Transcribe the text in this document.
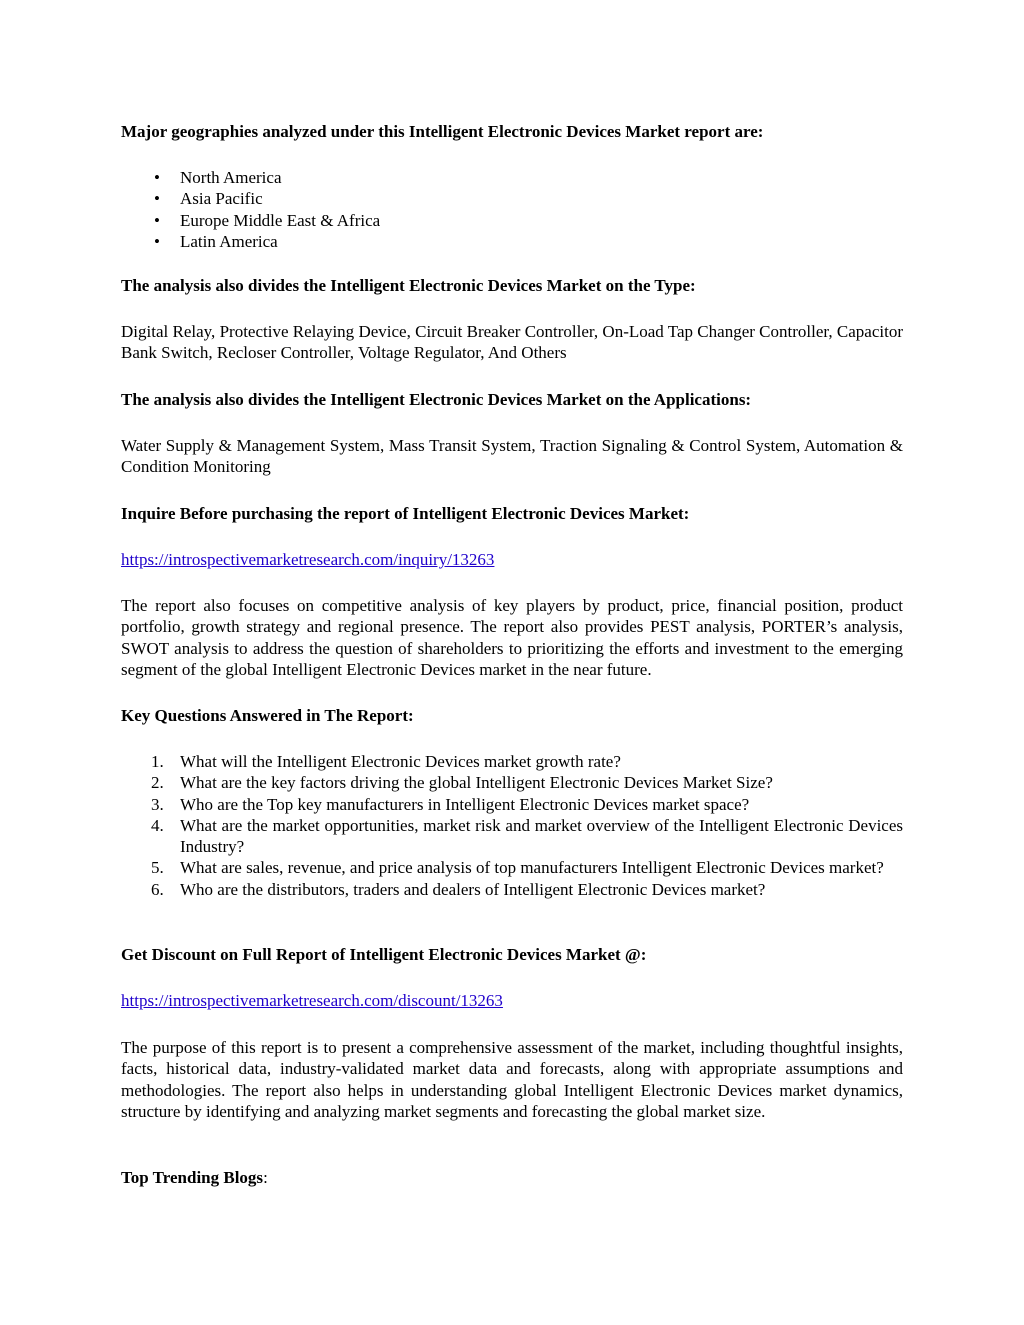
Major geographies analyzed under this Intelligent Electronic Devices Market report are:

• North America
• Asia Pacific
• Europe Middle East & Africa
• Latin America

The analysis also divides the Intelligent Electronic Devices Market on the Type:

Digital Relay, Protective Relaying Device, Circuit Breaker Controller, On-Load Tap Changer Controller, Capacitor Bank Switch, Recloser Controller, Voltage Regulator, And Others

The analysis also divides the Intelligent Electronic Devices Market on the Applications:

Water Supply & Management System, Mass Transit System, Traction Signaling & Control System, Automation & Condition Monitoring

Inquire Before purchasing the report of Intelligent Electronic Devices Market:

https://introspectivemarketresearch.com/inquiry/13263

The report also focuses on competitive analysis of key players by product, price, financial position, product portfolio, growth strategy and regional presence. The report also provides PEST analysis, PORTER’s analysis, SWOT analysis to address the question of shareholders to prioritizing the efforts and investment to the emerging segment of the global Intelligent Electronic Devices market in the near future.

Key Questions Answered in The Report:

1. What will the Intelligent Electronic Devices market growth rate?
2. What are the key factors driving the global Intelligent Electronic Devices Market Size?
3. Who are the Top key manufacturers in Intelligent Electronic Devices market space?
4. What are the market opportunities, market risk and market overview of the Intelligent Electronic Devices Industry?
5. What are sales, revenue, and price analysis of top manufacturers Intelligent Electronic Devices market?
6. Who are the distributors, traders and dealers of Intelligent Electronic Devices market?

Get Discount on Full Report of Intelligent Electronic Devices Market @:

https://introspectivemarketresearch.com/discount/13263

The purpose of this report is to present a comprehensive assessment of the market, including thoughtful insights, facts, historical data, industry-validated market data and forecasts, along with appropriate assumptions and methodologies. The report also helps in understanding global Intelligent Electronic Devices market dynamics, structure by identifying and analyzing market segments and forecasting the global market size.

Top Trending Blogs:
